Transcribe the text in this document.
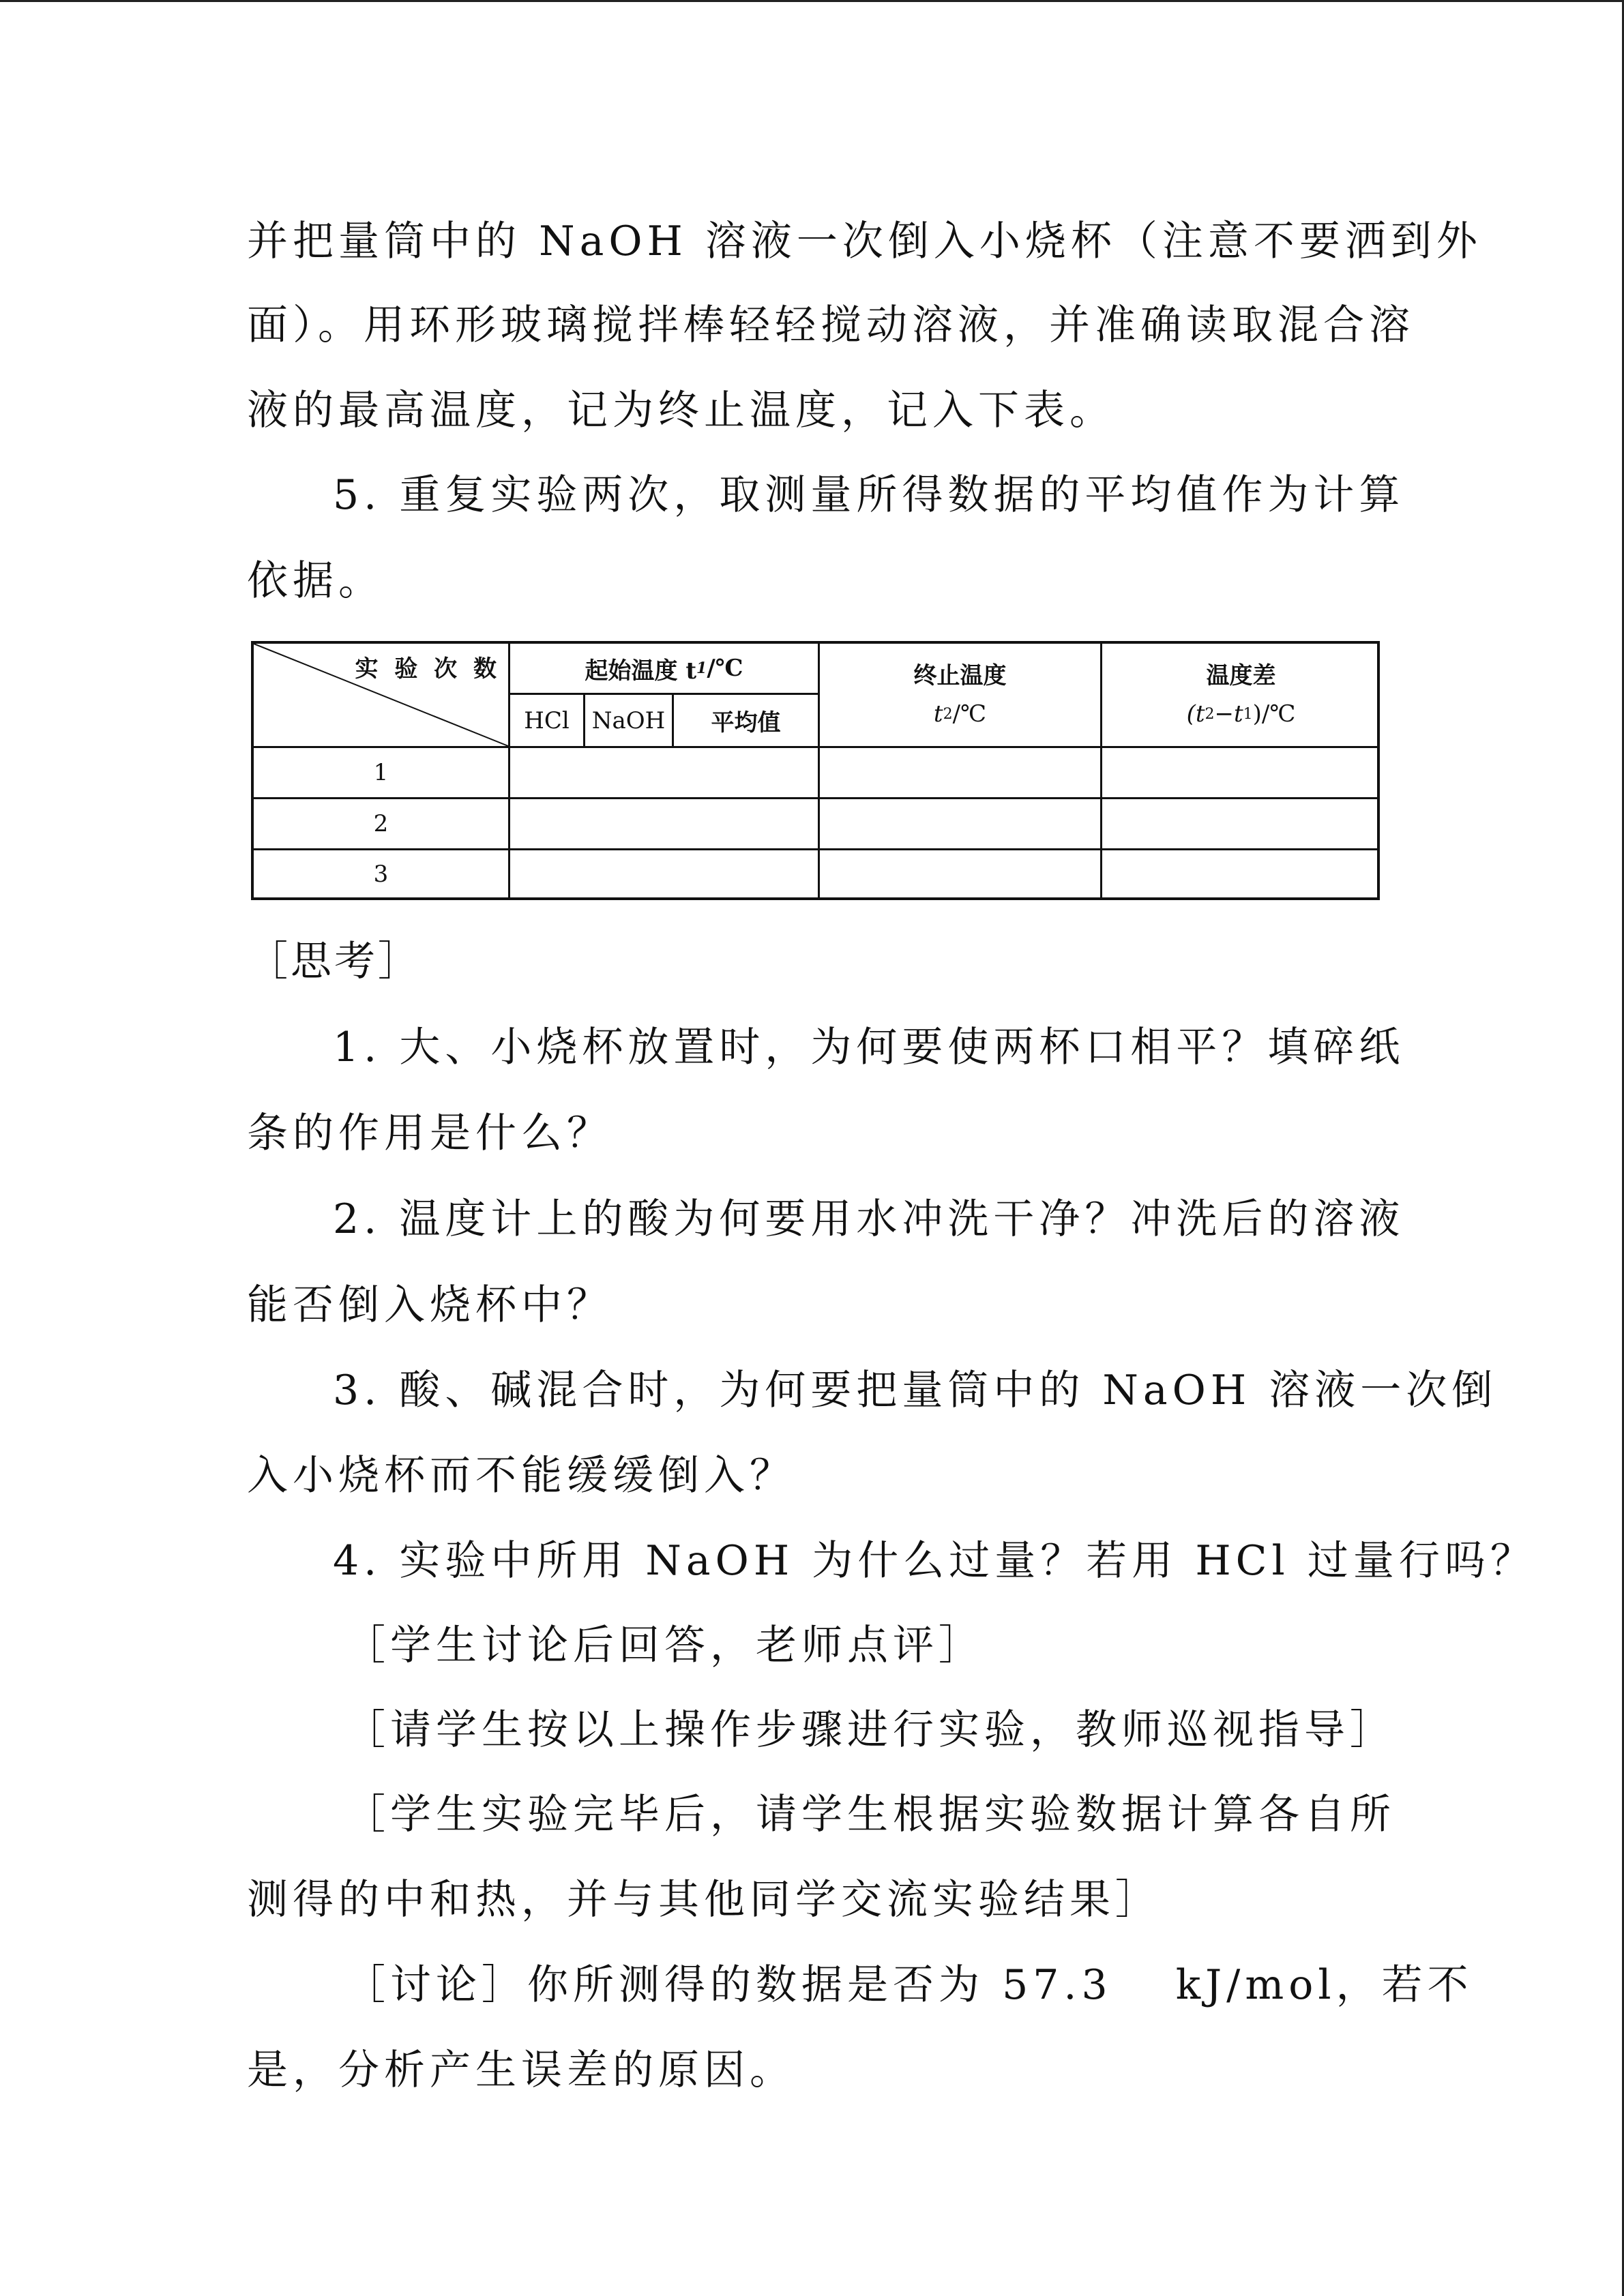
并把量筒中的 NaOH 溶液一次倒入小烧杯（注意不要洒到外
面）。用环形玻璃搅拌棒轻轻搅动溶液，并准确读取混合溶
液的最高温度，记为终止温度，记入下表。
5. 重复实验两次，取测量所得数据的平均值作为计算
依据。
实 验 次 数	起始温度 t 1 /℃
HCl NaOH	平均值
终止温度
t 2 /℃
温度差
(t 2 −t 1 )/℃
1
2
3
［思考］
1. 大、小烧杯放置时，为何要使两杯口相平？填碎纸
条的作用是什么？
2. 温度计上的酸为何要用水冲洗干净？冲洗后的溶液
能否倒入烧杯中？
3. 酸、碱混合时，为何要把量筒中的 NaOH 溶液一次倒
入小烧杯而不能缓缓倒入？
4. 实验中所用 NaOH 为什么过量？若用 HCl 过量行吗？
［学生讨论后回答，老师点评］
［请学生按以上操作步骤进行实验，教师巡视指导］
［学生实验完毕后，请学生根据实验数据计算各自所
测得的中和热，并与其他同学交流实验结果］
［讨论］你所测得的数据是否为 57.3　 kJ/mol，若不
是，分析产生误差的原因。
